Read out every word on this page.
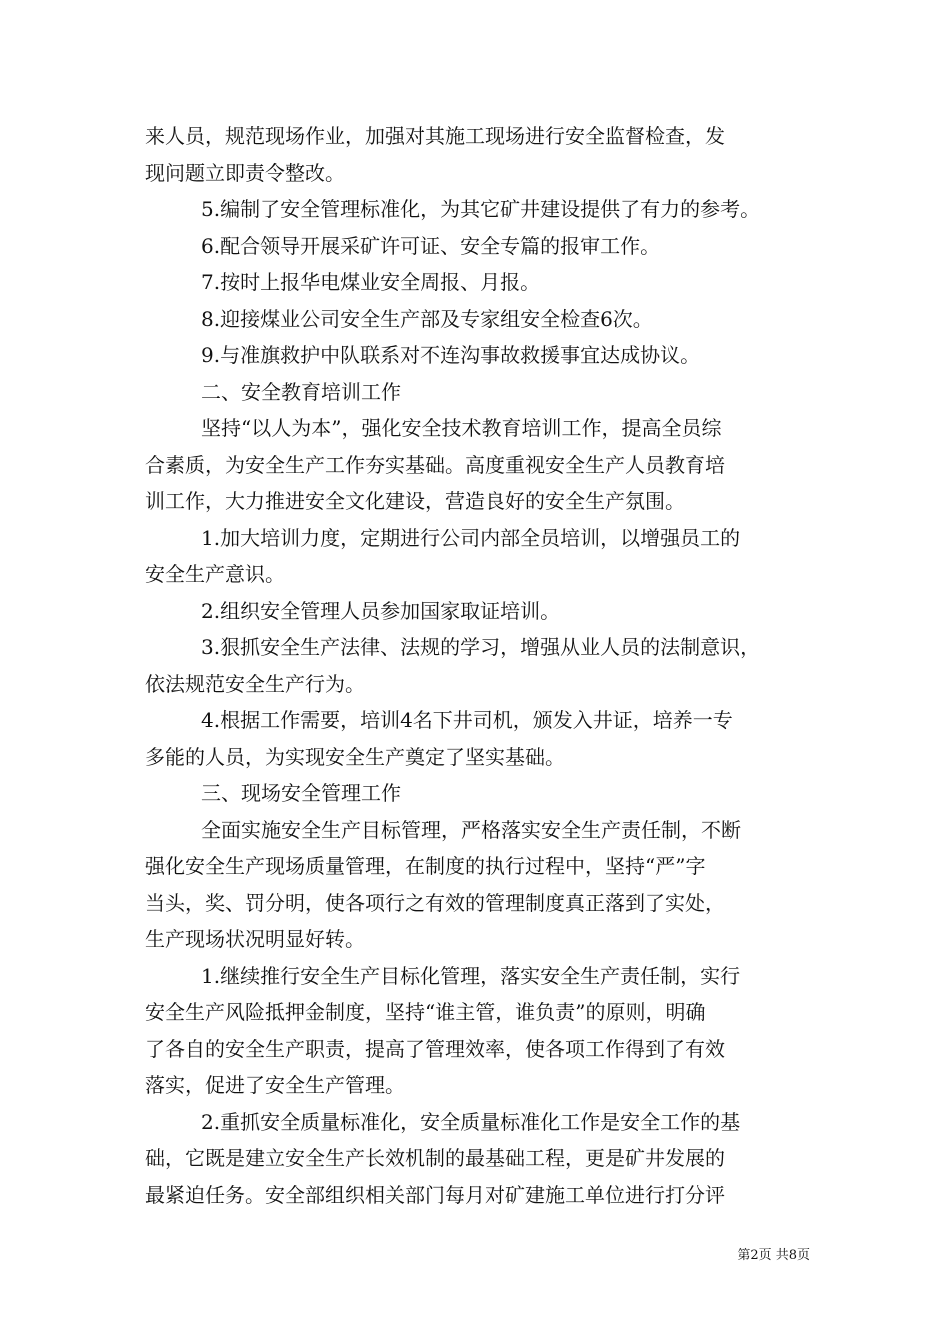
来人员，规范现场作业，加强对其施工现场进行安全监督检查，发
现问题立即责令整改。
5.编制了安全管理标准化，为其它矿井建设提供了有力的参考。
6.配合领导开展采矿许可证、安全专篇的报审工作。
7.按时上报华电煤业安全周报、月报。
8.迎接煤业公司安全生产部及专家组安全检查6次。
9.与准旗救护中队联系对不连沟事故救援事宜达成协议。
二、安全教育培训工作
坚持“以人为本”，强化安全技术教育培训工作，提高全员综
合素质，为安全生产工作夯实基础。高度重视安全生产人员教育培
训工作，大力推进安全文化建设，营造良好的安全生产氛围。
1.加大培训力度，定期进行公司内部全员培训，以增强员工的
安全生产意识。
2.组织安全管理人员参加国家取证培训。
3.狠抓安全生产法律、法规的学习，增强从业人员的法制意识，
依法规范安全生产行为。
4.根据工作需要，培训4名下井司机，颁发入井证，培养一专
多能的人员，为实现安全生产奠定了坚实基础。
三、现场安全管理工作
全面实施安全生产目标管理，严格落实安全生产责任制，不断
强化安全生产现场质量管理，在制度的执行过程中，坚持“严”字
当头，奖、罚分明，使各项行之有效的管理制度真正落到了实处，
生产现场状况明显好转。
1.继续推行安全生产目标化管理，落实安全生产责任制，实行
安全生产风险抵押金制度，坚持“谁主管，谁负责”的原则，明确
了各自的安全生产职责，提高了管理效率，使各项工作得到了有效
落实，促进了安全生产管理。
2.重抓安全质量标准化，安全质量标准化工作是安全工作的基
础，它既是建立安全生产长效机制的最基础工程，更是矿井发展的
最紧迫任务。安全部组织相关部门每月对矿建施工单位进行打分评
第2页 共8页
